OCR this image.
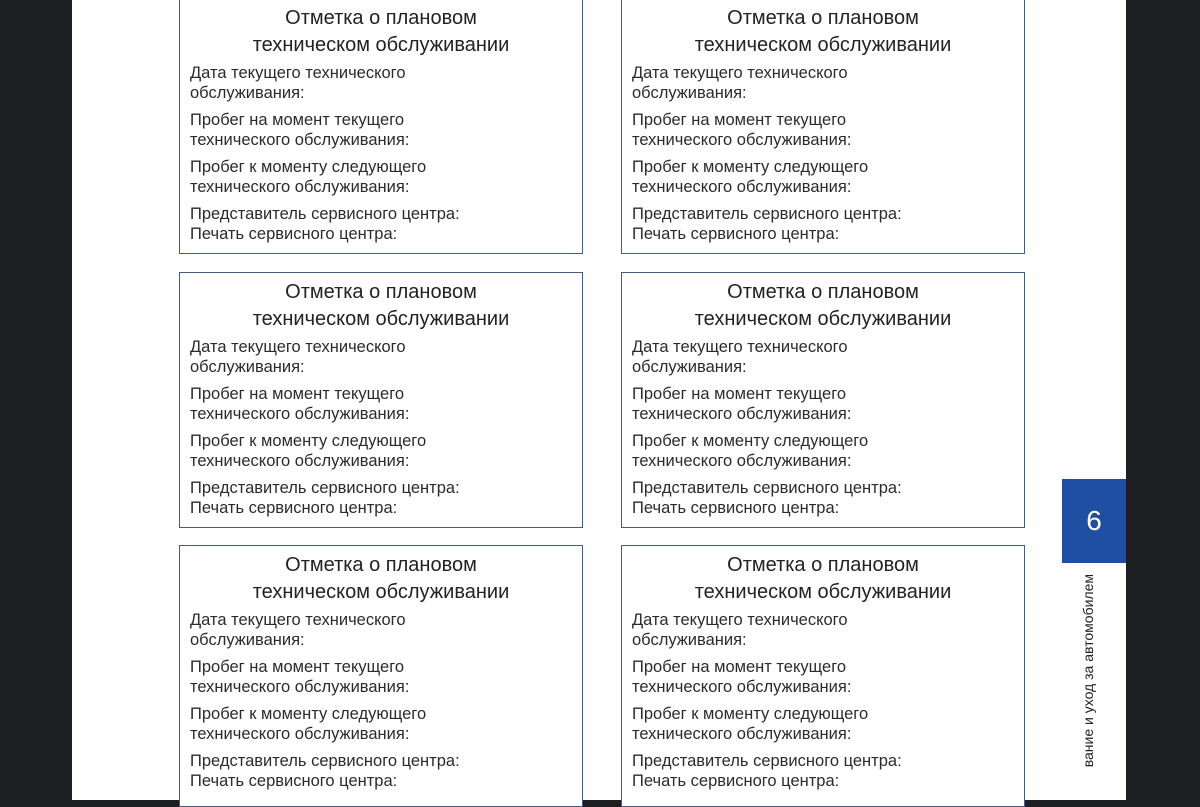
Отметка о плановом
техническом обслуживании
Дата текущего технического
обслуживания:
Пробег на момент текущего
технического обслуживания:
Пробег к моменту следующего
технического обслуживания:
Представитель сервисного центра:
Печать сервисного центра:
Отметка о плановом
техническом обслуживании
Дата текущего технического
обслуживания:
Пробег на момент текущего
технического обслуживания:
Пробег к моменту следующего
технического обслуживания:
Представитель сервисного центра:
Печать сервисного центра:
Отметка о плановом
техническом обслуживании
Дата текущего технического
обслуживания:
Пробег на момент текущего
технического обслуживания:
Пробег к моменту следующего
технического обслуживания:
Представитель сервисного центра:
Печать сервисного центра:
Отметка о плановом
техническом обслуживании
Дата текущего технического
обслуживания:
Пробег на момент текущего
технического обслуживания:
Пробег к моменту следующего
технического обслуживания:
Представитель сервисного центра:
Печать сервисного центра:
Отметка о плановом
техническом обслуживании
Дата текущего технического
обслуживания:
Пробег на момент текущего
технического обслуживания:
Пробег к моменту следующего
технического обслуживания:
Представитель сервисного центра:
Печать сервисного центра:
Отметка о плановом
техническом обслуживании
Дата текущего технического
обслуживания:
Пробег на момент текущего
технического обслуживания:
Пробег к моменту следующего
технического обслуживания:
Представитель сервисного центра:
Печать сервисного центра:
6
вание и уход за автомобилем
